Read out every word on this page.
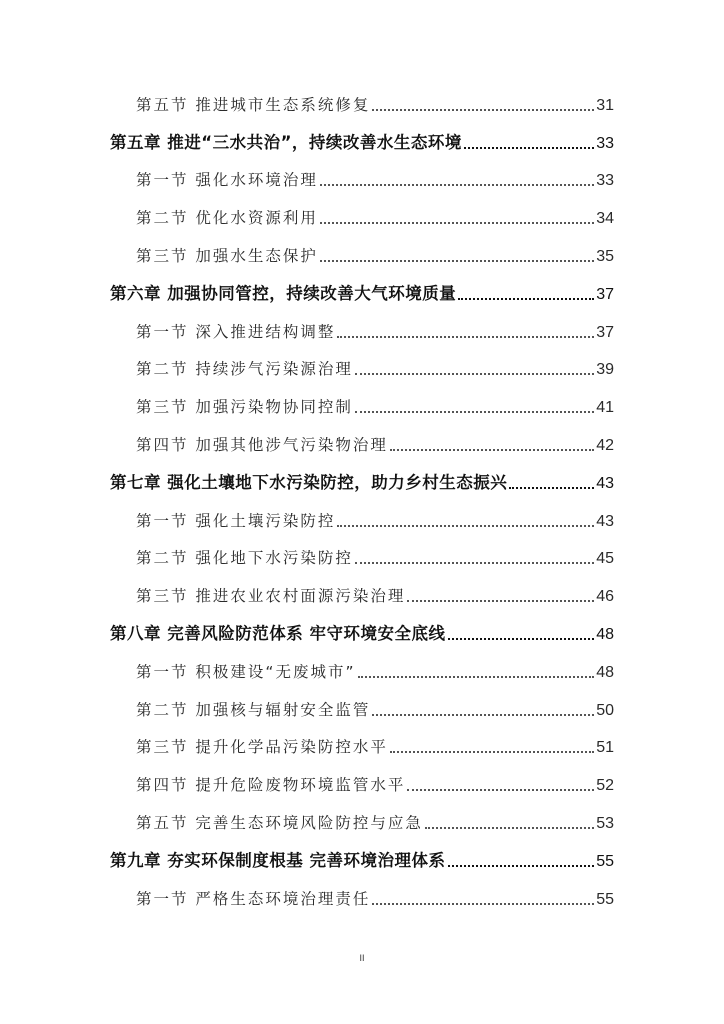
第五节 推进城市生态系统修复	31
第五章 推进“三水共治”，持续改善水生态环境	33
第一节 强化水环境治理	33
第二节 优化水资源利用	34
第三节 加强水生态保护	35
第六章 加强协同管控，持续改善大气环境质量	37
第一节 深入推进结构调整	37
第二节 持续涉气污染源治理	39
第三节 加强污染物协同控制	41
第四节 加强其他涉气污染物治理	42
第七章 强化土壤地下水污染防控，助力乡村生态振兴	43
第一节 强化土壤污染防控	43
第二节 强化地下水污染防控	45
第三节 推进农业农村面源污染治理	46
第八章 完善风险防范体系 牢守环境安全底线	48
第一节 积极建设“无废城市”	48
第二节 加强核与辐射安全监管	50
第三节 提升化学品污染防控水平	51
第四节 提升危险废物环境监管水平	52
第五节 完善生态环境风险防控与应急	53
第九章 夯实环保制度根基 完善环境治理体系	55
第一节 严格生态环境治理责任	55
II
